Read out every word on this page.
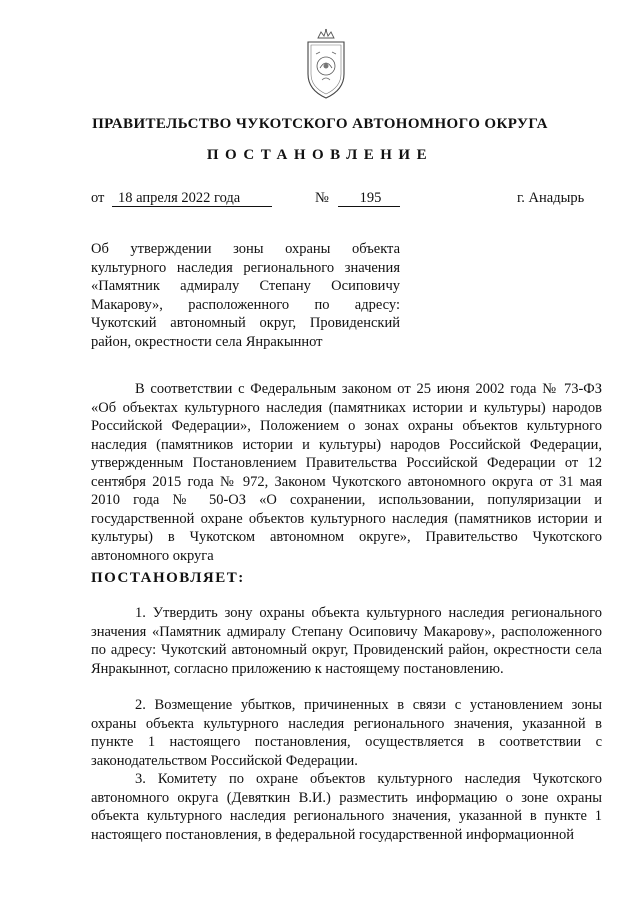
ПРАВИТЕЛЬСТВО ЧУКОТСКОГО АВТОНОМНОГО ОКРУГА
ПОСТАНОВЛЕНИЕ
от 18 апреля 2022 года	№ 195	г. Анадырь
Об утверждении зоны охраны объекта культурного наследия регионального значения «Памятник адмиралу Степану Осиповичу Макарову», расположенного по адресу: Чукотский автономный округ, Провиденский район, окрестности села Янракыннот
В соответствии с Федеральным законом от 25 июня 2002 года № 73-ФЗ «Об объектах культурного наследия (памятниках истории и культуры) народов Российской Федерации», Положением о зонах охраны объектов культурного наследия (памятников истории и культуры) народов Российской Федерации, утвержденным Постановлением Правительства Российской Федерации от 12 сентября 2015 года № 972, Законом Чукотского автономного округа от 31 мая 2010 года № 50-ОЗ «О сохранении, использовании, популяризации и государственной охране объектов культурного наследия (памятников истории и культуры) в Чукотском автономном округе», Правительство Чукотского автономного округа
ПОСТАНОВЛЯЕТ:
1. Утвердить зону охраны объекта культурного наследия регионального значения «Памятник адмиралу Степану Осиповичу Макарову», расположенного по адресу: Чукотский автономный округ, Провиденский район, окрестности села Янракыннот, согласно приложению к настоящему постановлению.
2. Возмещение убытков, причиненных в связи с установлением зоны охраны объекта культурного наследия регионального значения, указанной в пункте 1 настоящего постановления, осуществляется в соответствии с законодательством Российской Федерации.
3. Комитету по охране объектов культурного наследия Чукотского автономного округа (Девяткин В.И.) разместить информацию о зоне охраны объекта культурного наследия регионального значения, указанной в пункте 1 настоящего постановления, в федеральной государственной информационной
